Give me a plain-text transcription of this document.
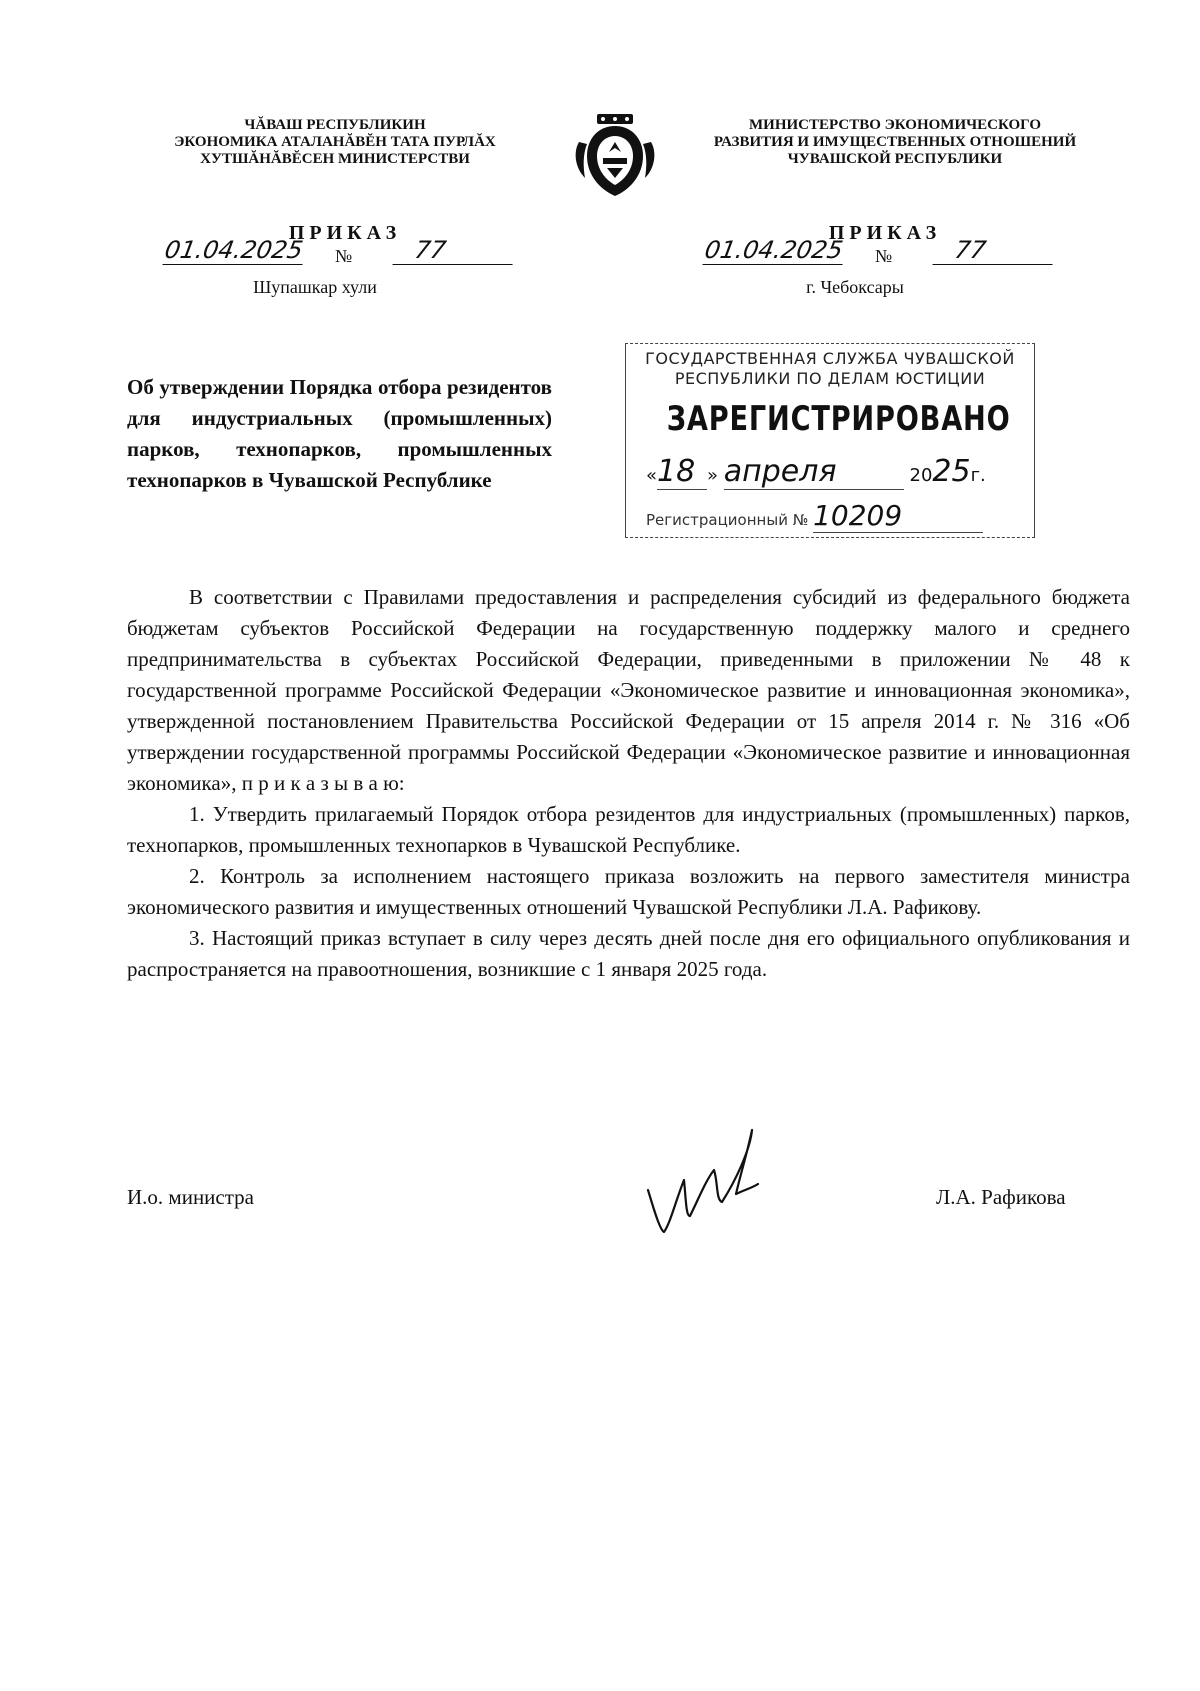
ЧĂВАШ РЕСПУБЛИКИН
ЭКОНОМИКА АТАЛАНĂВĔН ТАТА ПУРЛĂХ
ХУТШĂНĂВĔСЕН МИНИСТЕРСТВИ
МИНИСТЕРСТВО ЭКОНОМИЧЕСКОГО
РАЗВИТИЯ И ИМУЩЕСТВЕННЫХ ОТНОШЕНИЙ
ЧУВАШСКОЙ РЕСПУБЛИКИ
ПРИКАЗ
01.04.2025 №	77
Шупашкар хули
ПРИКАЗ
01.04.2025 №	77
г. Чебоксары
Об утверждении Порядка отбора резидентов для индустриальных (промышленных) парков, технопарков, промышленных технопарков в Чувашской Республике
ГОСУДАРСТВЕННАЯ СЛУЖБА ЧУВАШСКОЙ
РЕСПУБЛИКИ ПО ДЕЛАМ ЮСТИЦИИ
ЗАРЕГИСТРИРОВАНО
«18 » апреля	2025г.
Регистрационный № 10209

В соответствии с Правилами предоставления и распределения субсидий из федерального бюджета бюджетам субъектов Российской Федерации на государственную поддержку малого и среднего предпринимательства в субъектах Российской Федерации, приведенными в приложении № 48 к государственной программе Российской Федерации «Экономическое развитие и инновационная экономика», утвержденной постановлением Правительства Российской Федерации от 15 апреля 2014 г. № 316 «Об утверждении государственной программы Российской Федерации «Экономическое развитие и инновационная экономика», п р и к а з ы в а ю:

1. Утвердить прилагаемый Порядок отбора резидентов для индустриальных (промышленных) парков, технопарков, промышленных технопарков в Чувашской Республике.

2. Контроль за исполнением настоящего приказа возложить на первого заместителя министра экономического развития и имущественных отношений Чувашской Республики Л.А. Рафикову.

3. Настоящий приказ вступает в силу через десять дней после дня его официального опубликования и распространяется на правоотношения, возникшие с 1 января 2025 года.

И.о. министра	Л.А. Рафикова
